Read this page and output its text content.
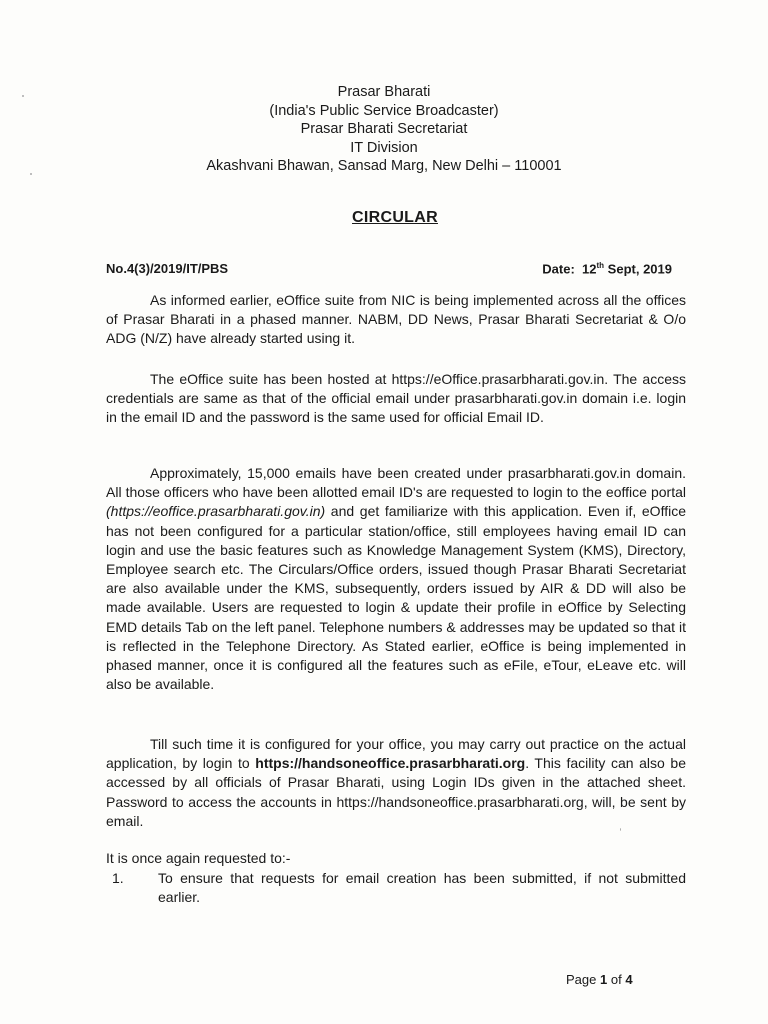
Prasar Bharati
(India's Public Service Broadcaster)
Prasar Bharati Secretariat
IT Division
Akashvani Bhawan, Sansad Marg, New Delhi – 110001
CIRCULAR
No.4(3)/2019/IT/PBS	Date: 12th Sept, 2019

As informed earlier, eOffice suite from NIC is being implemented across all the offices of Prasar Bharati in a phased manner. NABM, DD News, Prasar Bharati Secretariat & O/o ADG (N/Z) have already started using it.

The eOffice suite has been hosted at https://eOffice.prasarbharati.gov.in. The access credentials are same as that of the official email under prasarbharati.gov.in domain i.e. login in the email ID and the password is the same used for official Email ID.

Approximately, 15,000 emails have been created under prasarbharati.gov.in domain. All those officers who have been allotted email ID's are requested to login to the eoffice portal (https://eoffice.prasarbharati.gov.in) and get familiarize with this application. Even if, eOffice has not been configured for a particular station/office, still employees having email ID can login and use the basic features such as Knowledge Management System (KMS), Directory, Employee search etc. The Circulars/Office orders, issued though Prasar Bharati Secretariat are also available under the KMS, subsequently, orders issued by AIR & DD will also be made available. Users are requested to login & update their profile in eOffice by Selecting EMD details Tab on the left panel. Telephone numbers & addresses may be updated so that it is reflected in the Telephone Directory. As Stated earlier, eOffice is being implemented in phased manner, once it is configured all the features such as eFile, eTour, eLeave etc. will also be available.

Till such time it is configured for your office, you may carry out practice on the actual application, by login to https://handsoneoffice.prasarbharati.org. This facility can also be accessed by all officials of Prasar Bharati, using Login IDs given in the attached sheet. Password to access the accounts in https://handsoneoffice.prasarbharati.org, will, be sent by email.

It is once again requested to:-

1.	To ensure that requests for email creation has been submitted, if not submitted earlier.
Page 1 of 4
